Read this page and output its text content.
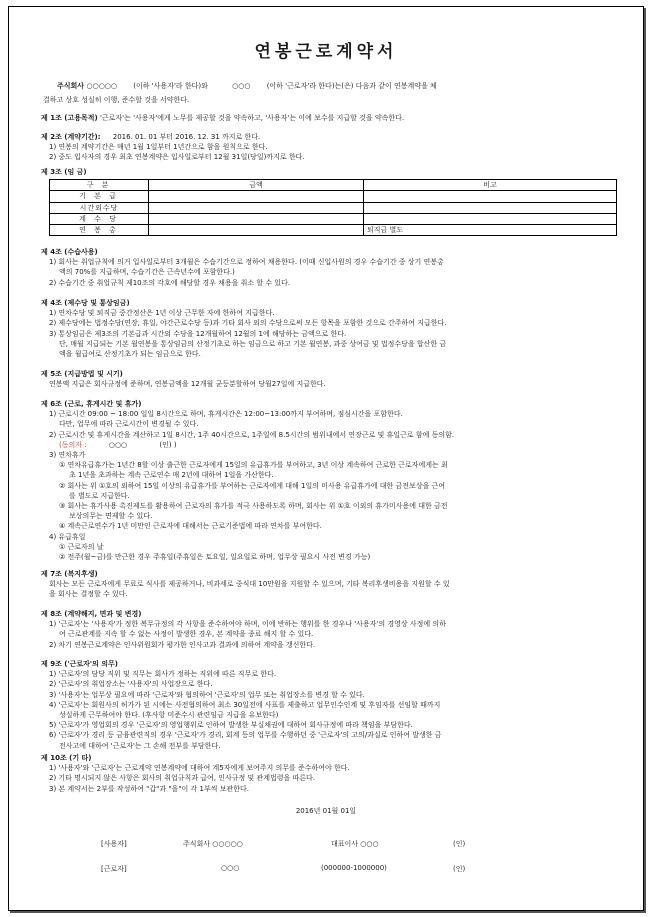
연봉근로계약서
주식회사 ○○○○○ (이하 '사용자'라 한다)와	○○○ (이하 '근로자'라 한다)는(은) 다음과 같이 연봉계약을 체
결하고 상호 성실히 이행, 준수할 것을 서약한다.
제 1조 (고용목적) '근로자'는 '사용자'에게 노무를 제공할 것을 약속하고, '사용자'는 이에 보수를 지급할 것을 약속한다.
제 2조 (계약기간): 2016. 01. 01 부터 2016. 12. 31 까지로 한다.

1) 연봉의 계약기간은 매년 1월 1일부터 1년간으로 함을 원칙으로 한다.

2) 중도 입사자의 경우 최초 연봉계약은 입사일로부터 12월 31일(당일)까지로 한다.

제 3조 (임 금)
구 분	금액	비고
기 본 급		
시간외수당		
계 수 당		
연 봉 총		퇴직금 별도
제 4조 (수습사용)

1) 회사는 취업규칙에 의거 입사일로부터 3개월은 수습기간으로 정하여 채용한다. (이때 신입사원의 경우 수습기간 중 상기 연봉총

액의 70%를 지급하며, 수습기간은 근속년수에 포함한다.)

2) 수습기간 중 취업규칙 제10조의 각호에 해당할 경우 채용을 취소 할 수 있다.

제 4조 (제수당 및 통상임금)

1) 연차수당 및 퇴직금 중간정산은 1년 이상 근무한 자에 한하여 지급한다.

2) 제수당에는 법정수당(연장, 휴일, 야간근로수당 등)과 기타 회사 외의 수당으로써 모든 항목을 포함한 것으로 간주하여 지급한다.

3) 통상임금은 제3조의 기본급과 시간외 수당을 12개월하여 12월의 1에 해당하는 금액으로 한다.

단, 매월 지급되는 기본 월연봉을 통상임금의 산정기초로 하는 임금으로 하고 기본 월연봉, 과중 상여금 및 법정수당을 합산한 금

액을 월급여로 산정기초가 되는 임금으로 한다.

제 5조 (지급방법 및 시기)

연봉액 지급은 회사규정에 준하며, 연봉금액을 12개월 균등분할하여 당월27일에 지급한다.

제 6조 (근로, 휴게시간 및 휴가)

1) 근로시간 09:00 ~ 18:00 일일 8시간으로 하며, 휴게시간은 12:00~13:00까지 부여하며, 점심시간을 포함한다.

다만, 업무에 따라 근로시간이 변경될 수 있다.

2) 근로시간 및 휴게시간을 계산하고 1일 8시간, 1주 40시간으로, 1주일에 8.5시간의 범위내에서 연장근로 및 휴일근로 함에 동의함.

(동의자 :	○○○	(인) )

3) 연차휴가

① 연차유급휴가는 1년간 8할 이상 출근한 근로자에게 15일의 유급휴가를 부여하고, 3년 이상 계속하여 근로한 근로자에게는 최

초 1년을 초과하는 계속 근로연수 매 2년에 대하여 1일을 가산한다.

② 회사는 위 ①호의 외하여 15일 이상의 유급휴가를 부여하는 근로자에게 대해 1일의 미사용 유급휴가에 대한 금전보상을 근여

를 별도로 지급한다.

③ 회사는 휴가사용 촉진제도를 활용하여 근로자의 휴가를 적극 사용하도록 하며, 회사는 위 ①호 이외의 휴가미사용에 대한 금전

보상의무는 면제할 수 있다.

④ 계속근로연수가 1년 미만인 근로자에 대해서는 근로기준법에 따라 연차를 부여한다.

4) 유급휴일

① 근로자의 날

② 전주(월~금)를 만근한 경우 주휴일(주휴일은 토요일, 일요일로 하며, 업무상 필요시 사전 변경 가능)

제 7조 (복지후생)

회사는 모든 근로자에게 무료로 식사를 제공하거나, 비과세로 중식대 10만원을 지원할 수 있으며, 기타 복리후생비용을 지원할 수 있

을 회사는 결정할 수 있다.

제 8조 (계약해지, 면과 및 변경)

1) '근로자'는 '사용자'가 정한 복무규정의 각 사항을 준수하여야 하며, 이에 반하는 행위를 한 경우나 '사용자'의 경영상 사정에 의하

여 근로관계를 지속 할 수 없는 사정이 발생한 경우, 본 계약을 종료 해지 할 수 있다.

2) 차기 연봉근로계약은 인사위원회가 평가한 인사고과 결과에 의하여 계약을 갱신한다.

제 9조 ('근로자'의 의무)

1) '근로자'의 담당 직위 및 직무는 회사가 정하는 직위에 따른 직무로 한다.

2) '근로자'의 취업장소는 '사용자'의 사업장으로 한다.

3) '사용자'는 업무상 필요에 따라 '근로자'와 협의하여 '근로자'의 업무 또는 취업장소를 변경 할 수 있다.

4) '근로자'는 회원사의 허가가 된 시에는 사전협의하여 최소 30일전에 사표를 제출하고 업무인수인계 및 후임자를 선임할 때까지

성실하게 근무하여야 한다. (후사항 미준수시 관련임금 지급을 유보한다)

5) '근로자'가 영업회의 경우 '근로자'의 영업행위로 인하여 발생한 부실채권에 대하여 회사규정에 따라 책임을 부담한다.

6) '근로자'가 경리 등 금융관련직의 경우 '근로자'가 경리, 회계 등의 업무를 수행하던 중 '근로자'의 고의/과실로 인하여 발생한 금

전사고에 대하여 '근로자'는 그 손해 전부를 부담한다.

제 10조 (기 타)

1) '사용자'와 '근로자'는 근로계약 연봉계약에 대하여 계5자에게 보여주지 의무를 준수하여야 한다.

2) 기타 명시되지 않은 사항은 회사의 취업규칙과 급여, 인사규정 및 관계법령을 따른다.

3) 본 계약서는 2부를 작성하여 "갑"과 "을"이 각 1부씩 보관한다.

2016년 01월 01일
[사용자]	주식회사 ○○○○○	대표이사 ○○○	(인)
[근로자]	○○○	(000000-1000000)	(인)
